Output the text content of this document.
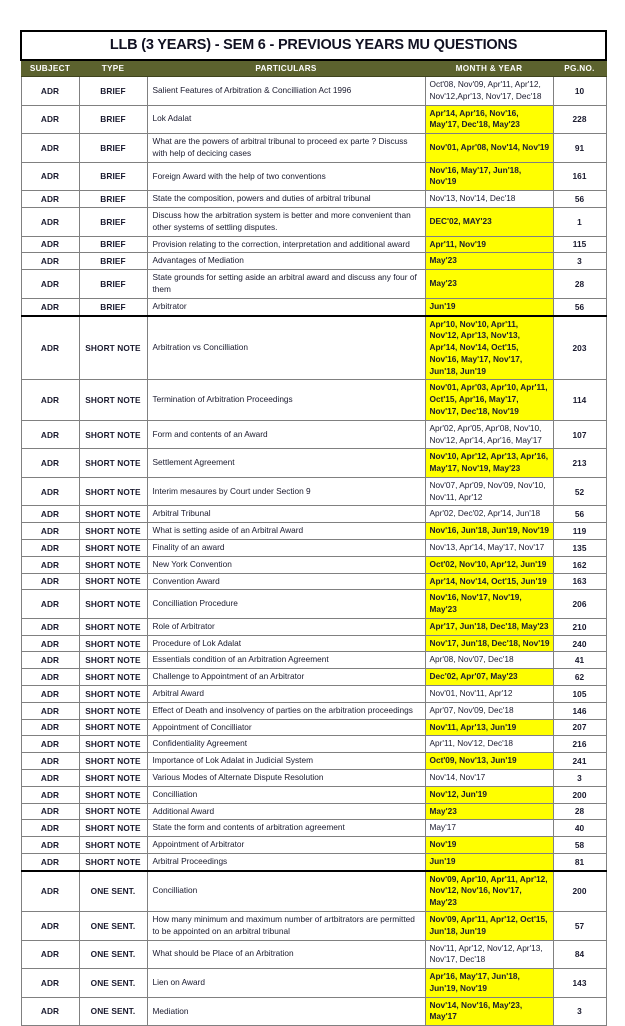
LLB (3 YEARS) - SEM 6 - PREVIOUS YEARS MU QUESTIONS				
SUBJECT	TYPE	PARTICULARS	MONTH & YEAR	PG.NO.
ADR	BRIEF	Salient Features of Arbitration & Concilliation Act 1996	Oct'08, Nov'09, Apr'11, Apr'12, Nov'12,Apr'13, Nov'17, Dec'18	10
ADR	BRIEF	Lok Adalat	Apr'14, Apr'16, Nov'16, May'17, Dec'18, May'23	228
ADR	BRIEF	What are the powers of arbitral tribunal to proceed ex parte ? Discuss with help of decicing cases	Nov'01, Apr'08, Nov'14, Nov'19	91
ADR	BRIEF	Foreign Award with the help of two conventions	Nov'16, May'17, Jun'18, Nov'19	161
ADR	BRIEF	State the composition, powers and duties of arbitral tribunal	Nov'13, Nov'14, Dec'18	56
ADR	BRIEF	Discuss how the arbitration system is better and more convenient than other systems of settling disputes.	DEC'02, MAY'23	1
ADR	BRIEF	Provision relating to the correction, interpretation and additional award	Apr'11, Nov'19	115
ADR	BRIEF	Advantages of Mediation	May'23	3
ADR	BRIEF	State grounds for setting aside an arbitral award and discuss any four of them	May'23	28
ADR	BRIEF	Arbitrator	Jun'19	56
ADR	SHORT NOTE	Arbitration vs Concilliation	Apr'10, Nov'10, Apr'11, Nov'12, Apr'13, Nov'13, Apr'14, Nov'14, Oct'15, Nov'16, May'17, Nov'17, Jun'18, Jun'19	203
ADR	SHORT NOTE	Termination of Arbitration Proceedings	Nov'01, Apr'03, Apr'10, Apr'11, Oct'15, Apr'16, May'17, Nov'17, Dec'18, Nov'19	114
ADR	SHORT NOTE	Form and contents of an Award	Apr'02, Apr'05, Apr'08, Nov'10, Nov'12, Apr'14, Apr'16, May'17	107
ADR	SHORT NOTE	Settlement Agreement	Nov'10, Apr'12, Apr'13, Apr'16, May'17, Nov'19, May'23	213
ADR	SHORT NOTE	Interim mesaures by Court under Section 9	Nov'07, Apr'09, Nov'09, Nov'10, Nov'11, Apr'12	52
ADR	SHORT NOTE	Arbitral Tribunal	Apr'02, Dec'02, Apr'14, Jun'18	56
ADR	SHORT NOTE	What is setting aside of an Arbitral Award	Nov'16, Jun'18, Jun'19, Nov'19	119
ADR	SHORT NOTE	Finality of an award	Nov'13, Apr'14, May'17, Nov'17	135
ADR	SHORT NOTE	New York Convention	Oct'02, Nov'10, Apr'12, Jun'19	162
ADR	SHORT NOTE	Convention Award	Apr'14, Nov'14, Oct'15, Jun'19	163
ADR	SHORT NOTE	Concilliation Procedure	Nov'16, Nov'17, Nov'19, May'23	206
ADR	SHORT NOTE	Role of Arbitrator	Apr'17, Jun'18, Dec'18, May'23	210
ADR	SHORT NOTE	Procedure of Lok Adalat	Nov'17, Jun'18, Dec'18, Nov'19	240
ADR	SHORT NOTE	Essentials condition of an Arbitration Agreement	Apr'08, Nov'07, Dec'18	41
ADR	SHORT NOTE	Challenge to Appointment of an Arbitrator	Dec'02, Apr'07, May'23	62
ADR	SHORT NOTE	Arbitral Award	Nov'01, Nov'11, Apr'12	105
ADR	SHORT NOTE	Effect of Death and insolvency of parties on the arbitration proceedings	Apr'07, Nov'09, Dec'18	146
ADR	SHORT NOTE	Appointment of Concilliator	Nov'11, Apr'13, Jun'19	207
ADR	SHORT NOTE	Confidentiality Agreement	Apr'11, Nov'12, Dec'18	216
ADR	SHORT NOTE	Importance of Lok Adalat in Judicial System	Oct'09, Nov'13, Jun'19	241
ADR	SHORT NOTE	Various Modes of Alternate Dispute Resolution	Nov'14, Nov'17	3
ADR	SHORT NOTE	Concilliation	Nov'12, Jun'19	200
ADR	SHORT NOTE	Additional Award	May'23	28
ADR	SHORT NOTE	State the form and contents of arbitration agreement	May'17	40
ADR	SHORT NOTE	Appointment of Arbitrator	Nov'19	58
ADR	SHORT NOTE	Arbitral Proceedings	Jun'19	81
ADR	ONE SENT.	Concilliation	Nov'09, Apr'10, Apr'11, Apr'12, Nov'12, Nov'16, Nov'17, May'23	200
ADR	ONE SENT.	How many minimum and maximum number of artbitrators are permitted to be appointed on an arbitral tribunal	Nov'09, Apr'11, Apr'12, Oct'15, Jun'18, Jun'19	57
ADR	ONE SENT.	What should be Place of an Arbitration	Nov'11, Apr'12, Nov'12, Apr'13, Nov'17, Dec'18	84
ADR	ONE SENT.	Lien on Award	Apr'16, May'17, Jun'18, Jun'19, Nov'19	143
ADR	ONE SENT.	Mediation	Nov'14, Nov'16, May'23, May'17	3
